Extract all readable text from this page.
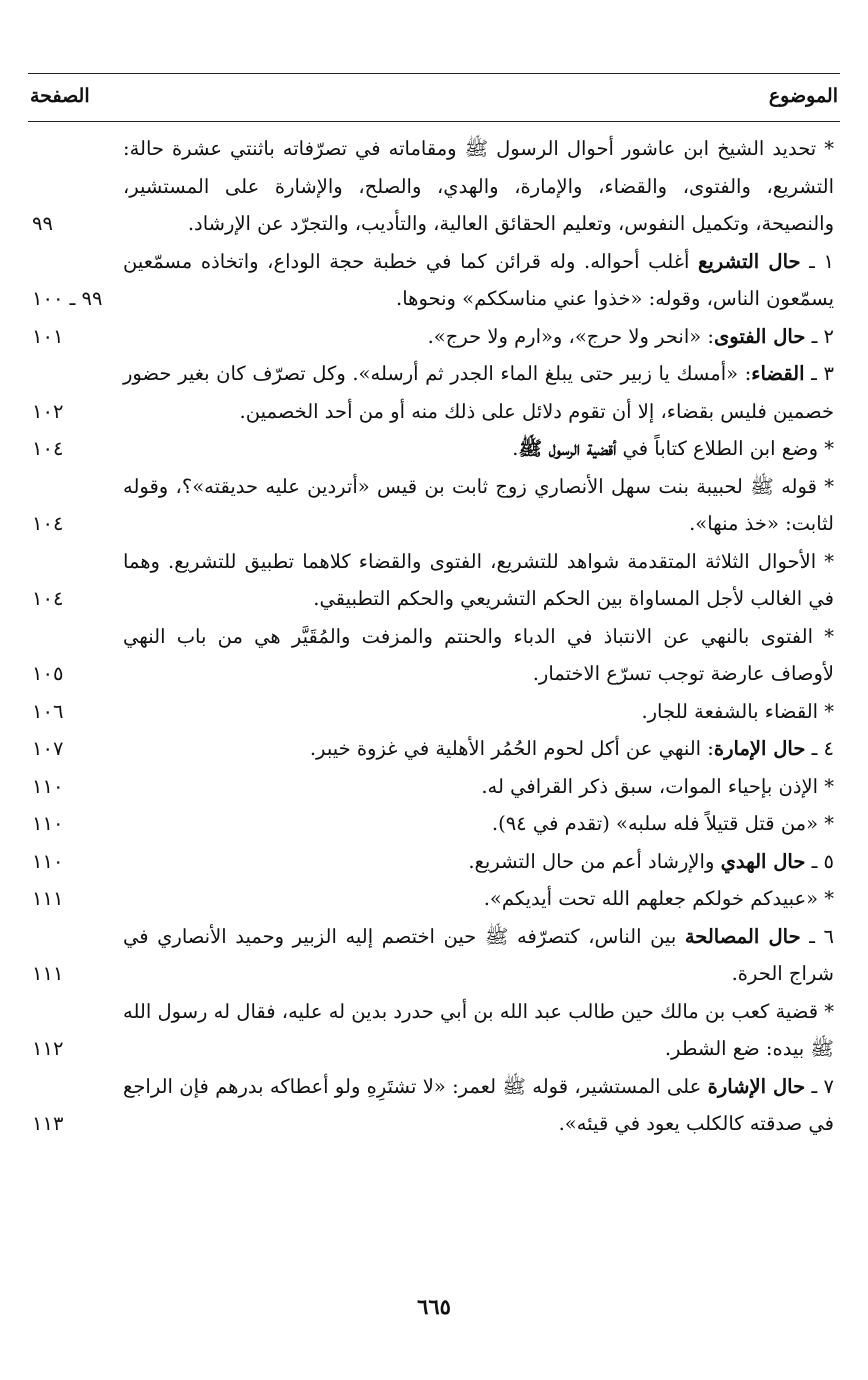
الموضوع
الصفحة
* تحديد الشيخ ابن عاشور أحوال الرسول ﷺ ومقاماته في تصرّفاته باثنتي عشرة حالة: التشريع، والفتوى، والقضاء، والإمارة، والهدي، والصلح، والإشارة على المستشير، والنصيحة، وتكميل النفوس، وتعليم الحقائق العالية، والتأديب، والتجرّد عن الإرشاد.
٩٩
١ ـ حال التشريع أغلب أحواله. وله قرائن كما في خطبة حجة الوداع، واتخاذه مسمّعين يسمّعون الناس، وقوله: «خذوا عني مناسككم» ونحوها.
٩٩ ـ ١٠٠
٢ ـ حال الفتوى: «انحر ولا حرج»، و«ارم ولا حرج».
١٠١
٣ ـ القضاء: «أمسك يا زبير حتى يبلغ الماء الجدر ثم أرسله». وكل تصرّف كان بغير حضور خصمين فليس بقضاء، إلا أن تقوم دلائل على ذلك منه أو من أحد الخصمين.
١٠٢
* وضع ابن الطلاع كتاباً في أقضية الرسول ﷺ.
١٠٤
* قوله ﷺ لحبيبة بنت سهل الأنصاري زوج ثابت بن قيس «أتردين عليه حديقته»؟، وقوله لثابت: «خذ منها».
١٠٤
* الأحوال الثلاثة المتقدمة شواهد للتشريع، الفتوى والقضاء كلاهما تطبيق للتشريع. وهما في الغالب لأجل المساواة بين الحكم التشريعي والحكم التطبيقي.
١٠٤
* الفتوى بالنهي عن الانتباذ في الدباء والحنتم والمزفت والمُقَيَّر هي من باب النهي لأوصاف عارضة توجب تسرّع الاختمار.
١٠٥
* القضاء بالشفعة للجار.
١٠٦
٤ ـ حال الإمارة: النهي عن أكل لحوم الحُمُر الأهلية في غزوة خيبر.
١٠٧
* الإذن بإحياء الموات، سبق ذكر القرافي له.
١١٠
* «من قتل قتيلاً فله سلبه» (تقدم في ٩٤).
١١٠
٥ ـ حال الهدي والإرشاد أعم من حال التشريع.
١١٠
* «عبيدكم خولكم جعلهم الله تحت أيديكم».
١١١
٦ ـ حال المصالحة بين الناس، كتصرّفه ﷺ حين اختصم إليه الزبير وحميد الأنصاري في شراج الحرة.
١١١
* قضية كعب بن مالك حين طالب عبد الله بن أبي حدرد بدين له عليه، فقال له رسول الله ﷺ بيده: ضع الشطر.
١١٢
٧ ـ حال الإشارة على المستشير، قوله ﷺ لعمر: «لا تشتَرِهِ ولو أعطاكه بدرهم فإن الراجع في صدقته كالكلب يعود في قيئه».
١١٣
٦٦٥
